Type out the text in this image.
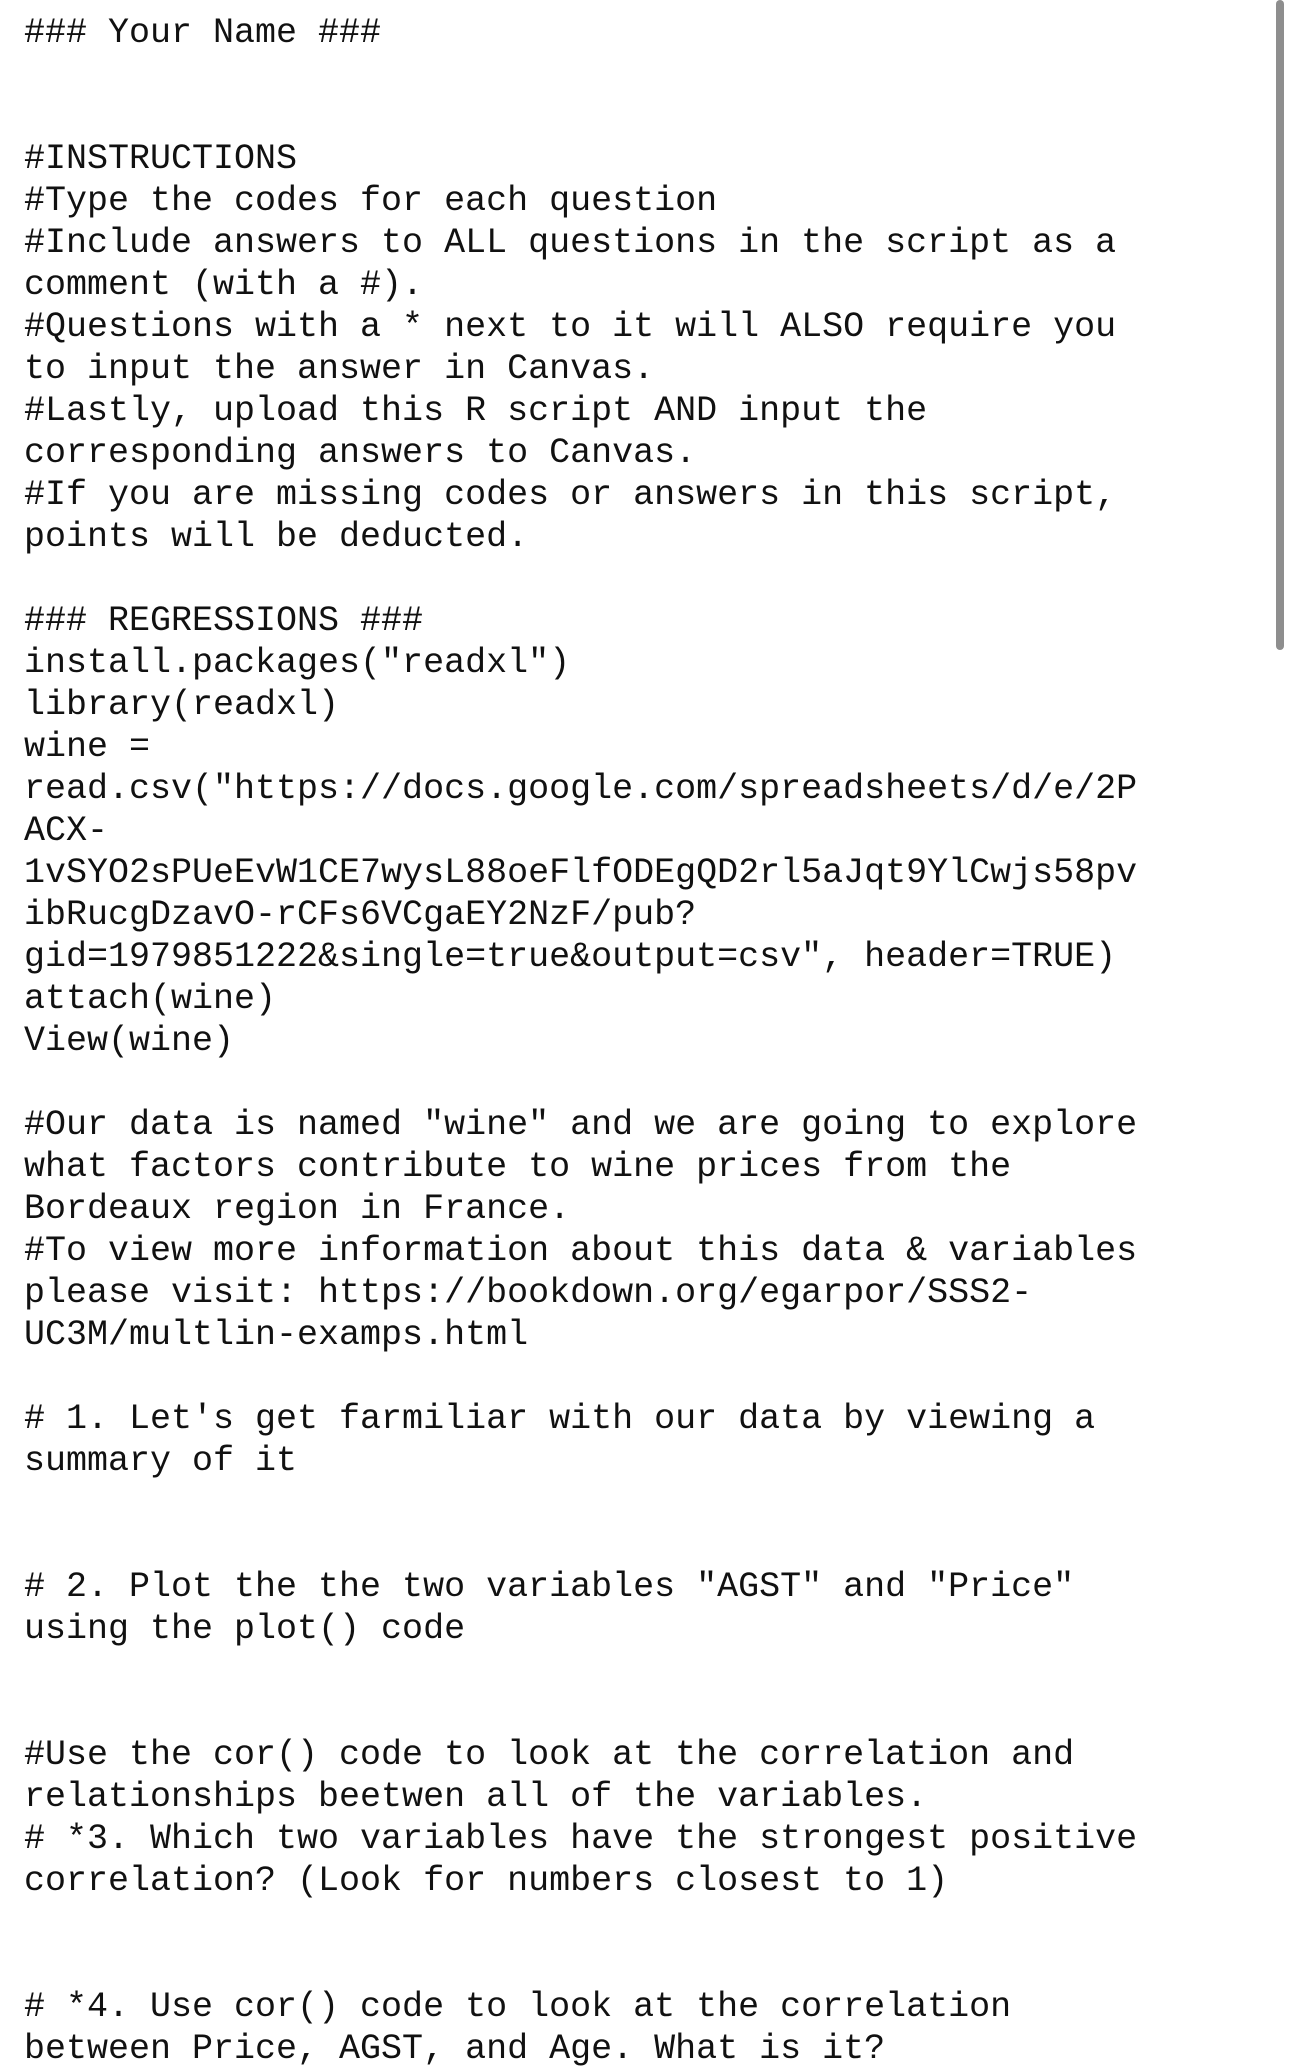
### Your Name ###
#INSTRUCTIONS
#Type the codes for each question
#Include answers to ALL questions in the script as a
comment (with a #).
#Questions with a * next to it will ALSO require you
to input the answer in Canvas.
#Lastly, upload this R script AND input the
corresponding answers to Canvas.
#If you are missing codes or answers in this script,
points will be deducted.
### REGRESSIONS ###
install.packages("readxl")
library(readxl)
wine =
read.csv("https://docs.google.com/spreadsheets/d/e/2P
ACX-
1vSYO2sPUeEvW1CE7wysL88oeFlfODEgQD2rl5aJqt9YlCwjs58pv
ibRucgDzavO-rCFs6VCgaEY2NzF/pub?
gid=1979851222&single=true&output=csv", header=TRUE)
attach(wine)
View(wine)
#Our data is named "wine" and we are going to explore
what factors contribute to wine prices from the
Bordeaux region in France.
#To view more information about this data & variables
please visit: https://bookdown.org/egarpor/SSS2-
UC3M/multlin-examps.html
# 1. Let's get farmiliar with our data by viewing a
summary of it
# 2. Plot the the two variables "AGST" and "Price"
using the plot() code
#Use the cor() code to look at the correlation and
relationships beetwen all of the variables.
# *3. Which two variables have the strongest positive
correlation? (Look for numbers closest to 1)
# *4. Use cor() code to look at the correlation
between Price, AGST, and Age. What is it?
